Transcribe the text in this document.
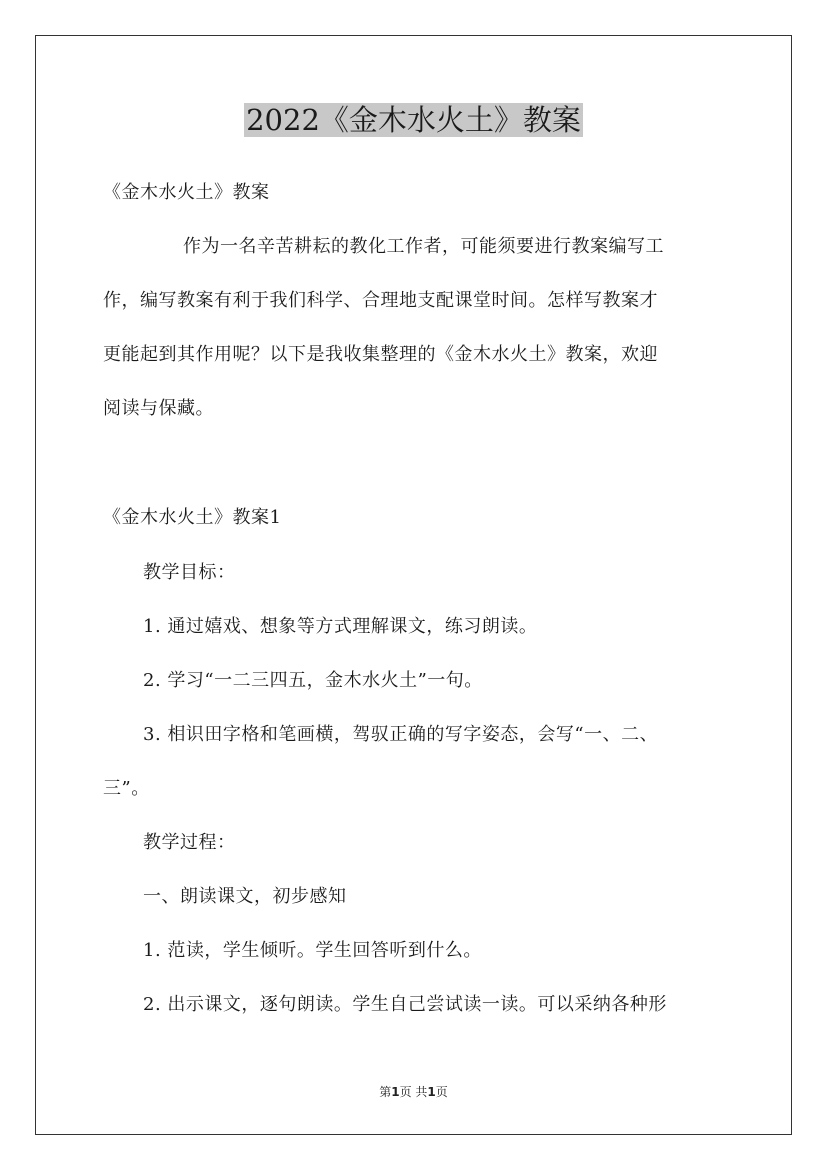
2022《金木水火土》教案

《金木水火土》教案

作为一名辛苦耕耘的教化工作者，可能须要进行教案编写工

作，编写教案有利于我们科学、合理地支配课堂时间。怎样写教案才

更能起到其作用呢？以下是我收集整理的《金木水火土》教案，欢迎

阅读与保藏。

《金木水火土》教案1

教学目标：

1. 通过嬉戏、想象等方式理解课文，练习朗读。

2. 学习“一二三四五，金木水火土”一句。

3. 相识田字格和笔画横，驾驭正确的写字姿态，会写“一、二、

三”。

教学过程：

一、朗读课文，初步感知

1. 范读，学生倾听。学生回答听到什么。

2. 出示课文，逐句朗读。学生自己尝试读一读。可以采纳各种形

第1页 共1页
